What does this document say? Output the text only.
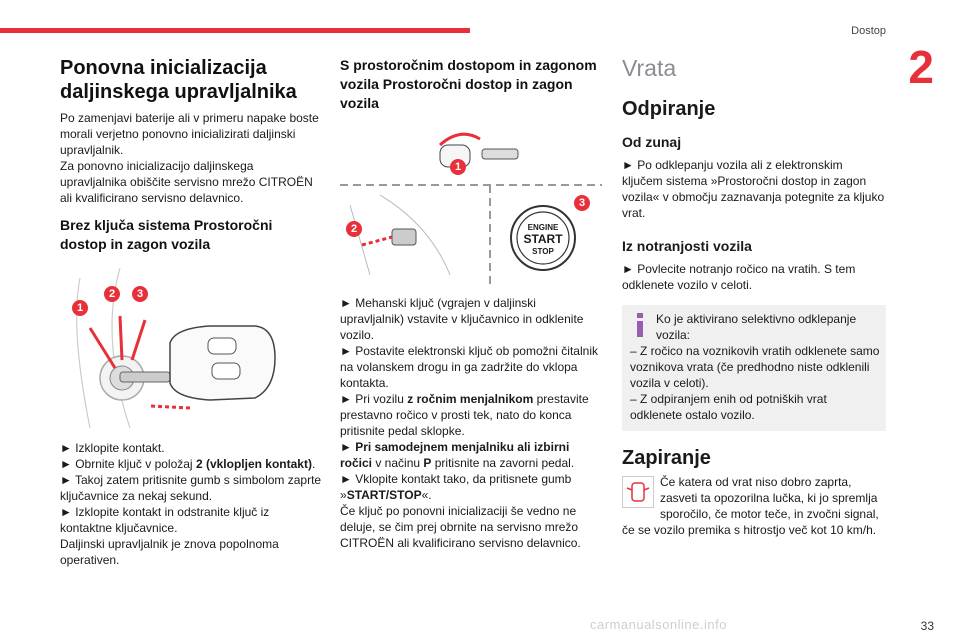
Dostop
2
Ponovna inicializacija daljinskega upravljalnika

Po zamenjavi baterije ali v primeru napake boste morali verjetno ponovno inicializirati daljinski upravljalnik.
Za ponovno inicializacijo daljinskega upravljalnika obiščite servisno mrežo CITROËN ali kvalificirano servisno delavnico.

Brez ključa sistema Prostoročni dostop in zagon vozila
1
2	3

► Izklopite kontakt.

► Obrnite ključ v položaj 2 (vklopljen kontakt).

► Takoj zatem pritisnite gumb s simbolom zaprte ključavnice za nekaj sekund.

► Izklopite kontakt in odstranite ključ iz kontaktne ključavnice.

Daljinski upravljalnik je znova popolnoma operativen.

S prostoročnim dostopom in zagonom vozila Prostoročni dostop in zagon vozila
1
2
3
ENGINE
START
STOP

► Mehanski ključ (vgrajen v daljinski upravljalnik) vstavite v ključavnico in odklenite vozilo.

► Postavite elektronski ključ ob pomožni čitalnik na volanskem drogu in ga zadržite do vklopa kontakta.

► Pri vozilu z ročnim menjalnikom prestavite prestavno ročico v prosti tek, nato do konca pritisnite pedal sklopke.

► Pri samodejnem menjalniku ali izbirni ročici v načinu P pritisnite na zavorni pedal.

► Vklopite kontakt tako, da pritisnete gumb »START/STOP«.

Če ključ po ponovni inicializaciji še vedno ne deluje, se čim prej obrnite na servisno mrežo CITROËN ali kvalificirano servisno delavnico.

Vrata
Odpiranje
Od zunaj

► Po odklepanju vozila ali z elektronskim ključem sistema »Prostoročni dostop in zagon vozila« v območju zaznavanja potegnite za kljuko vrat.

Iz notranjosti vozila

► Povlecite notranjo ročico na vratih. S tem odklenete vozilo v celoti.

Ko je aktivirano selektivno odklepanje vozila:

– Z ročico na voznikovih vratih odklenete samo voznikova vrata (če predhodno niste odklenili vozila v celoti).

– Z odpiranjem enih od potniških vrat odklenete ostalo vozilo.

Zapiranje

Če katera od vrat niso dobro zaprta, zasveti ta opozorilna lučka, ki jo spremlja sporočilo, če motor teče, in zvočni signal, če se vozilo premika s hitrostjo več kot 10 km/h.

carmanualsonline.info	33
